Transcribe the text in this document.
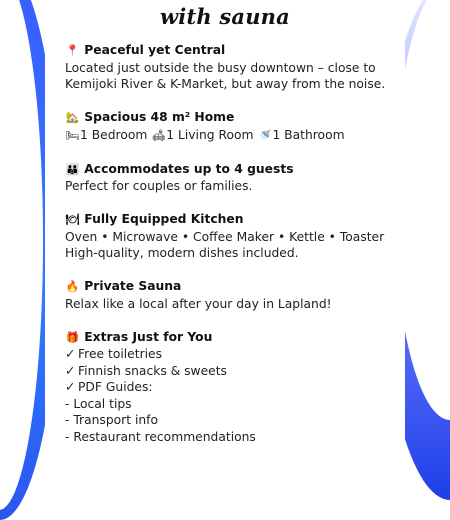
with sauna
📍 Peaceful yet Central
Located just outside the busy downtown – close to
Kemijoki River & K-Market, but away from the noise.
🏡 Spacious 48 m² Home
🛏1 Bedroom 🛋1 Living Room 🚿1 Bathroom
👪 Accommodates up to 4 guests
Perfect for couples or families.
🍽 Fully Equipped Kitchen
Oven • Microwave • Coffee Maker • Kettle • Toaster
High-quality, modern dishes included.
🔥 Private Sauna
Relax like a local after your day in Lapland!
🎁 Extras Just for You
✓ Free toiletries
✓ Finnish snacks & sweets
✓ PDF Guides:
- Local tips
- Transport info
- Restaurant recommendations
